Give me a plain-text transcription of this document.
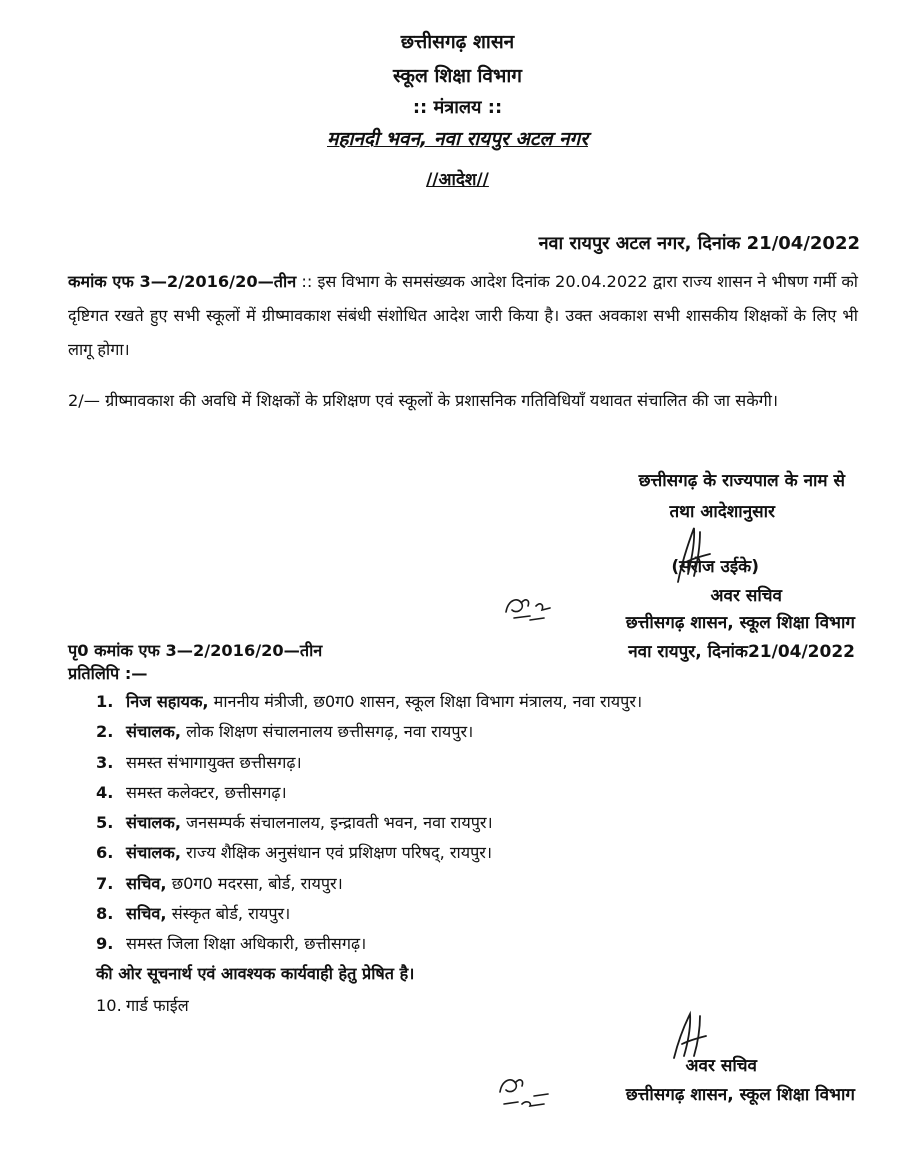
छत्तीसगढ़ शासन
स्कूल शिक्षा विभाग
:: मंत्रालय ::
महानदी भवन, नवा रायपुर अटल नगर
//आदेश//
नवा रायपुर अटल नगर, दिनांक 21/04/2022
कमांक एफ 3—2/2016/20—तीन :: इस विभाग के समसंख्यक आदेश दिनांक 20.04.2022 द्वारा राज्य शासन ने भीषण गर्मी को दृष्टिगत रखते हुए सभी स्कूलों में ग्रीष्मावकाश संबंधी संशोधित आदेश जारी किया है। उक्त अवकाश सभी शासकीय शिक्षकों के लिए भी लागू होगा।
2/— ग्रीष्मावकाश की अवधि में शिक्षकों के प्रशिक्षण एवं स्कूलों के प्रशासनिक गतिविधियॉं यथावत संचालित की जा सकेगी।
छत्तीसगढ़ के राज्यपाल के नाम से
तथा आदेशानुसार
(सरोज उईके)
अवर सचिव
छत्तीसगढ़ शासन, स्कूल शिक्षा विभाग
नवा रायपुर, दिनांक21/04/2022
पृ0 कमांक एफ 3—2/2016/20—तीन
प्रतिलिपि :—
1. निज सहायक, माननीय मंत्रीजी, छ0ग0 शासन, स्कूल शिक्षा विभाग मंत्रालय, नवा रायपुर।
2. संचालक, लोक शिक्षण संचालनालय छत्तीसगढ़, नवा रायपुर।
3. समस्त संभागायुक्त छत्तीसगढ़।
4. समस्त कलेक्टर, छत्तीसगढ़।
5. संचालक, जनसम्पर्क संचालनालय, इन्द्रावती भवन, नवा रायपुर।
6. संचालक, राज्य शैक्षिक अनुसंधान एवं प्रशिक्षण परिषद्, रायपुर।
7. सचिव, छ0ग0 मदरसा, बोर्ड, रायपुर।
8. सचिव, संस्कृत बोर्ड, रायपुर।
9. समस्त जिला शिक्षा अधिकारी, छत्तीसगढ़।
की ओर सूचनार्थ एवं आवश्यक कार्यवाही हेतु प्रेषित है।
10. गार्ड फाईल
अवर सचिव
छत्तीसगढ़ शासन, स्कूल शिक्षा विभाग
